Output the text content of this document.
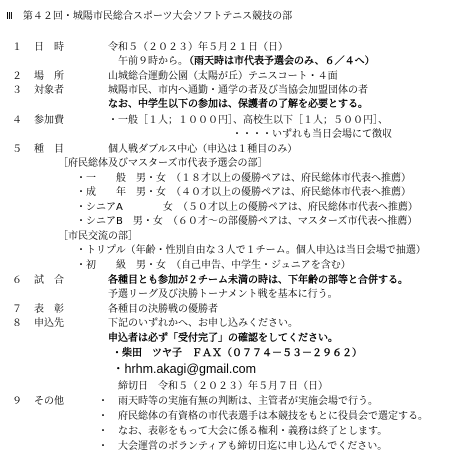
Ⅲ　第４２回・城陽市民総合スポーツ大会ソフトテニス競技の部
１ 日　時	令和５（２０２３）年５月２１日（日）
午前９時から。
（雨天時は市代表予選会のみ、６／４へ）
２ 場　所	山城総合運動公園（太陽が丘）テニスコート・４面
３ 対象者	城陽市民、市内へ通勤・通学の者及び当協会加盟団体の者
なお、中学生以下の参加は、保護者の了解を必要とする。
４ 参加費	・一般［１人；１０００円］、高校生以下［１人；５００円］、
・・・・いずれも当日会場にて徴収
５ 種　目	個人戦ダブルス中心（申込は１種目のみ）
［府民総体及びマスターズ市代表予選会の部］
・一　　般　男・女　（１８才以上の優勝ペアは、府民総体市代表へ推薦）
・成　　年　男・女　（４０才以上の優勝ペアは、府民総体市代表へ推薦）
・シニアA　　　　女　（５０才以上の優勝ペアは、府民総体市代表へ推薦）
・シニアB　男・女　（６０才～の部優勝ペアは、マスターズ市代表へ推薦）
［市民交流の部］
・トリプル（年齢・性別自由な３人で１チーム。個人申込は当日会場で抽選）
・初　　級　男・女　（自己申告、中学生・ジュニアを含む）
６ 試　合	各種目とも参加が２チーム未満の時は、下年齢の部等と合併する。
予選リーグ及び決勝トーナメント戦を基本に行う。
７ 表　彰	各種目の決勝戦の優勝者
８ 申込先	下記のいずれかへ、お申し込みください。
申込者は必ず「受付完了」の確認をしてください。
・柴田　ツヤ子　ＦＡＸ（０７７４－５３－２９６２）
・hrhm.akagi@gmail.com
締切日　令和５（２０２３）年５月７日（日）
９ その他	・　雨天時等の実施有無の判断は、主管者が実施会場で行う。
・　府民総体の有資格の市代表選手は本競技をもとに役員会で選定する。
・　なお、表彰をもって大会に係る権利・義務は終了とします。
・　大会運営のボランティアも締切日迄に申し込んでください。
